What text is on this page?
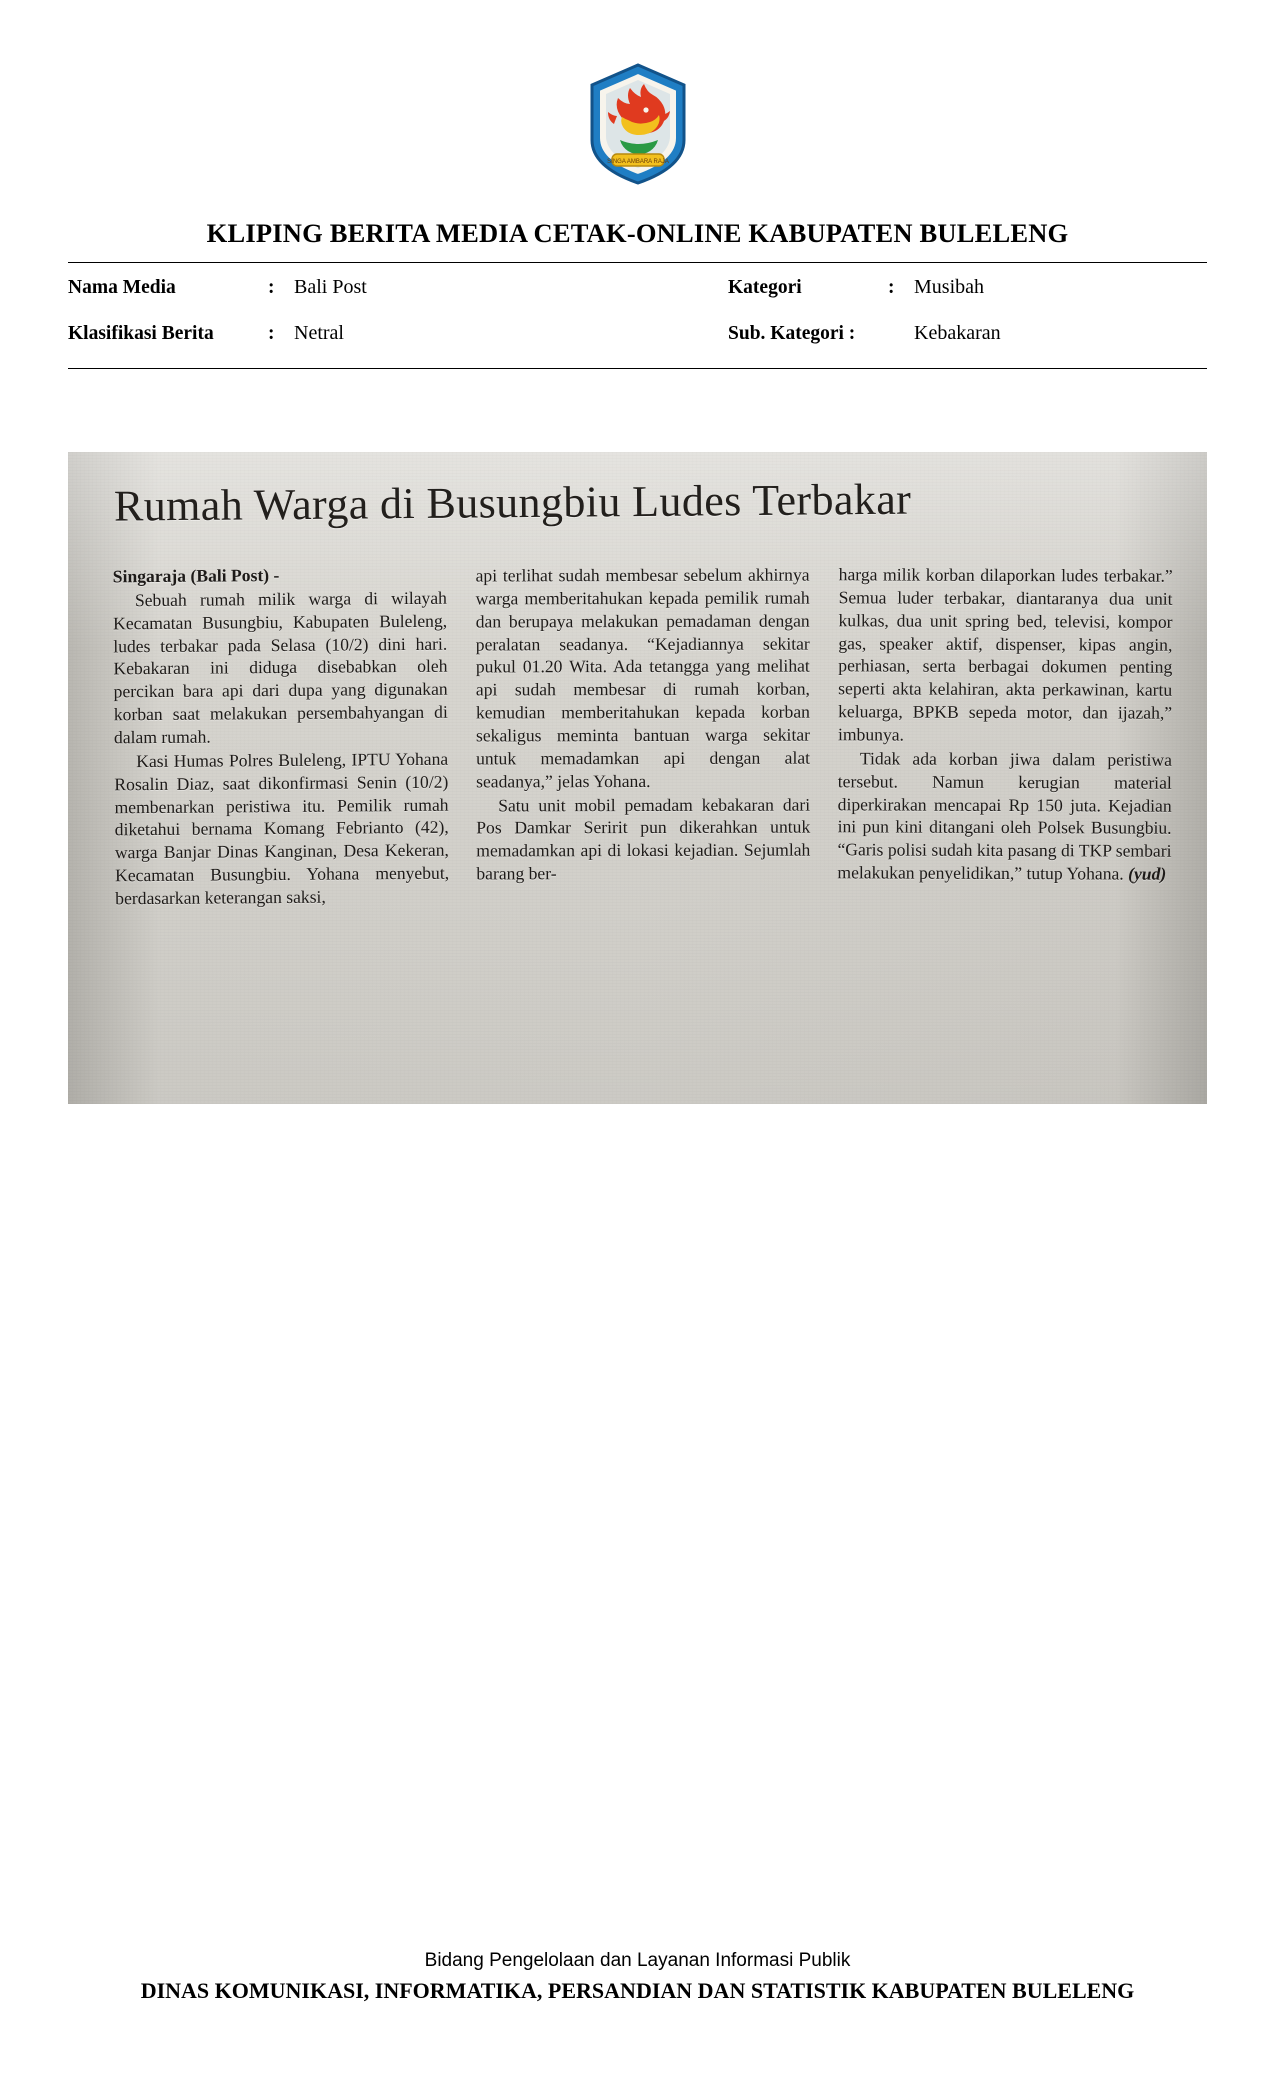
SINGA AMBARA RAJA
KLIPING BERITA MEDIA CETAK-ONLINE KABUPATEN BULELENG
Nama Media	: Bali Post	Kategori	: Musibah
Klasifikasi Berita	: Netral	Sub. Kategori :	Kebakaran
Rumah Warga di Busungbiu Ludes Terbakar

Singaraja (Bali Post) -

Sebuah rumah milik warga di wilayah Kecamatan Busungbiu, Kabupaten Buleleng, ludes terbakar pada Selasa (10/2) dini hari. Kebakaran ini diduga disebabkan oleh percikan bara api dari dupa yang digunakan korban saat melakukan persembahyangan di dalam rumah.

Kasi Humas Polres Buleleng, IPTU Yohana Rosalin Diaz, saat dikonfirmasi Senin (10/2) membenarkan peristiwa itu. Pemilik rumah diketahui bernama Komang Febrianto (42), warga Banjar Dinas Kanginan, Desa Kekeran, Kecamatan Busungbiu. Yohana menyebut, berdasarkan keterangan saksi,

api terlihat sudah membesar sebelum akhirnya warga memberitahukan kepada pemilik rumah dan berupaya melakukan pemadaman dengan peralatan seadanya. “Kejadiannya sekitar pukul 01.20 Wita. Ada tetangga yang melihat api sudah membesar di rumah korban, kemudian memberitahukan kepada korban sekaligus meminta bantuan warga sekitar untuk memadamkan api dengan alat seadanya,” jelas Yohana.

Satu unit mobil pemadam kebakaran dari Pos Damkar Seririt pun dikerahkan untuk memadamkan api di lokasi kejadian. Sejumlah barang ber-

harga milik korban dilaporkan ludes terbakar.” Semua luder terbakar, diantaranya dua unit kulkas, dua unit spring bed, televisi, kompor gas, speaker aktif, dispenser, kipas angin, perhiasan, serta berbagai dokumen penting seperti akta kelahiran, akta perkawinan, kartu keluarga, BPKB sepeda motor, dan ijazah,” imbunya.

Tidak ada korban jiwa dalam peristiwa tersebut. Namun kerugian material diperkirakan mencapai Rp 150 juta. Kejadian ini pun kini ditangani oleh Polsek Busungbiu. “Garis polisi sudah kita pasang di TKP sembari melakukan penyelidikan,” tutup Yohana. (yud)

Bidang Pengelolaan dan Layanan Informasi Publik
DINAS KOMUNIKASI, INFORMATIKA, PERSANDIAN DAN STATISTIK KABUPATEN BULELENG
